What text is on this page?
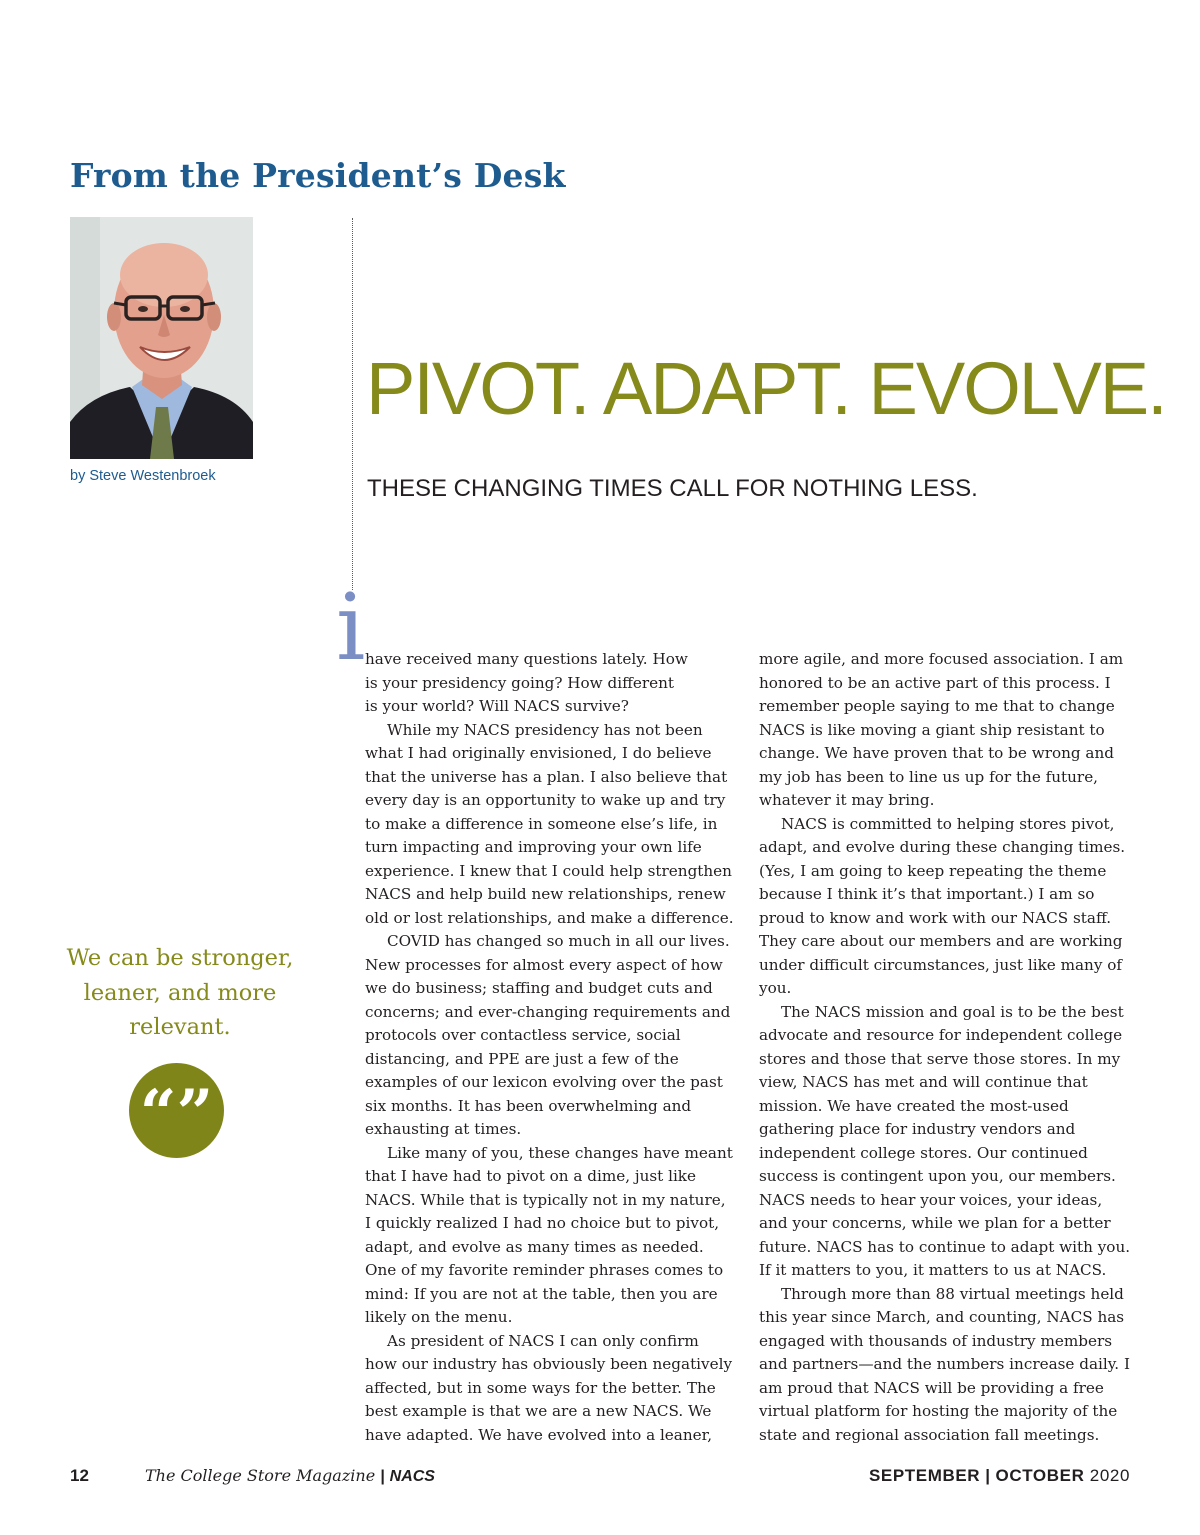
From the President’s Desk
by Steve Westenbroek
PIVOT. ADAPT. EVOLVE.
THESE CHANGING TIMES CALL FOR NOTHING LESS.

We can be stronger, leaner, and more relevant.

“”
i have received many questions lately. How
is your presidency going? How different
is your world? Will NACS survive?

While my NACS presidency has not been what I had originally envisioned, I do believe that the universe has a plan. I also believe that every day is an opportunity to wake up and try to make a difference in someone else’s life, in turn impacting and improving your own life experience. I knew that I could help strengthen NACS and help build new relationships, renew old or lost relationships, and make a difference.

COVID has changed so much in all our lives. New processes for almost every aspect of how we do business; staffing and budget cuts and concerns; and ever-changing requirements and protocols over contactless service, social distancing, and PPE are just a few of the examples of our lexicon evolving over the past six months. It has been overwhelming and exhausting at times.

Like many of you, these changes have meant that I have had to pivot on a dime, just like NACS. While that is typically not in my nature, I quickly realized I had no choice but to pivot, adapt, and evolve as many times as needed. One of my favorite reminder phrases comes to mind: If you are not at the table, then you are likely on the menu.

As president of NACS I can only confirm how our industry has obviously been negatively affected, but in some ways for the better. The best example is that we are a new NACS. We have adapted. We have evolved into a leaner,

more agile, and more focused association. I am honored to be an active part of this process. I remember people saying to me that to change NACS is like moving a giant ship resistant to change. We have proven that to be wrong and my job has been to line us up for the future, whatever it may bring.

NACS is committed to helping stores pivot, adapt, and evolve during these changing times. (Yes, I am going to keep repeating the theme because I think it’s that important.) I am so proud to know and work with our NACS staff. They care about our members and are working under difficult circumstances, just like many of you.

The NACS mission and goal is to be the best advocate and resource for independent college stores and those that serve those stores. In my view, NACS has met and will continue that mission. We have created the most-used gathering place for industry vendors and independent college stores. Our continued success is contingent upon you, our members. NACS needs to hear your voices, your ideas, and your concerns, while we plan for a better future. NACS has to continue to adapt with you. If it matters to you, it matters to us at NACS.

Through more than 88 virtual meetings held this year since March, and counting, NACS has engaged with thousands of industry members and partners—and the numbers increase daily. I am proud that NACS will be providing a free virtual platform for hosting the majority of the state and regional association fall meetings.

12	The College Store Magazine | NACS	SEPTEMBER | OCTOBER 2020
